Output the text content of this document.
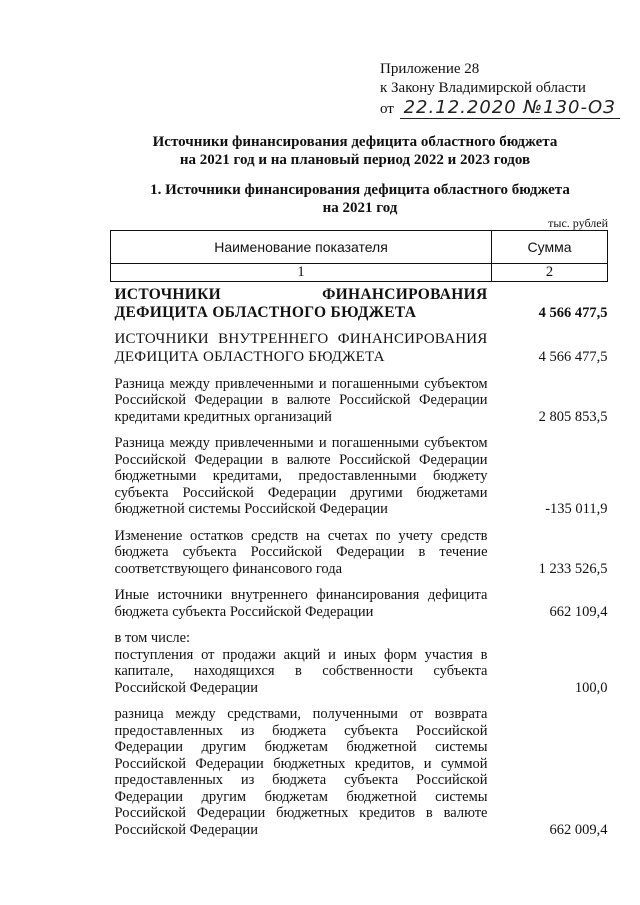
Приложение 28
к Закону Владимирской области
от 22.12.2020 №130-ОЗ
Источники финансирования дефицита областного бюджета
на 2021 год и на плановый период 2022 и 2023 годов
1. Источники финансирования дефицита областного бюджета
на 2021 год
тыс. рублей
Наименование показателя	Сумма
1	2
ИСТОЧНИКИ ФИНАНСИРОВАНИЯ ДЕФИЦИТА ОБЛАСТНОГО БЮДЖЕТА	4 566 477,5
ИСТОЧНИКИ ВНУТРЕННЕГО ФИНАНСИРОВАНИЯ ДЕФИЦИТА ОБЛАСТНОГО БЮДЖЕТА	4 566 477,5
Разница между привлеченными и погашенными субъектом Российской Федерации в валюте Российской Федерации кредитами кредитных организаций	2 805 853,5
Разница между привлеченными и погашенными субъектом Российской Федерации в валюте Российской Федерации бюджетными кредитами, предоставленными бюджету субъекта Российской Федерации другими бюджетами бюджетной системы Российской Федерации	-135 011,9
Изменение остатков средств на счетах по учету средств бюджета субъекта Российской Федерации в течение соответствующего финансового года	1 233 526,5
Иные источники внутреннего финансирования дефицита бюджета субъекта Российской Федерации	662 109,4

в том числе:
поступления от продажи акций и иных форм участия в капитале, находящихся в собственности субъекта Российской Федерации	100,0
разница между средствами, полученными от возврата предоставленных из бюджета субъекта Российской Федерации другим бюджетам бюджетной системы Российской Федерации бюджетных кредитов, и суммой предоставленных из бюджета субъекта Российской Федерации другим бюджетам бюджетной системы Российской Федерации бюджетных кредитов в валюте Российской Федерации	662 009,4
